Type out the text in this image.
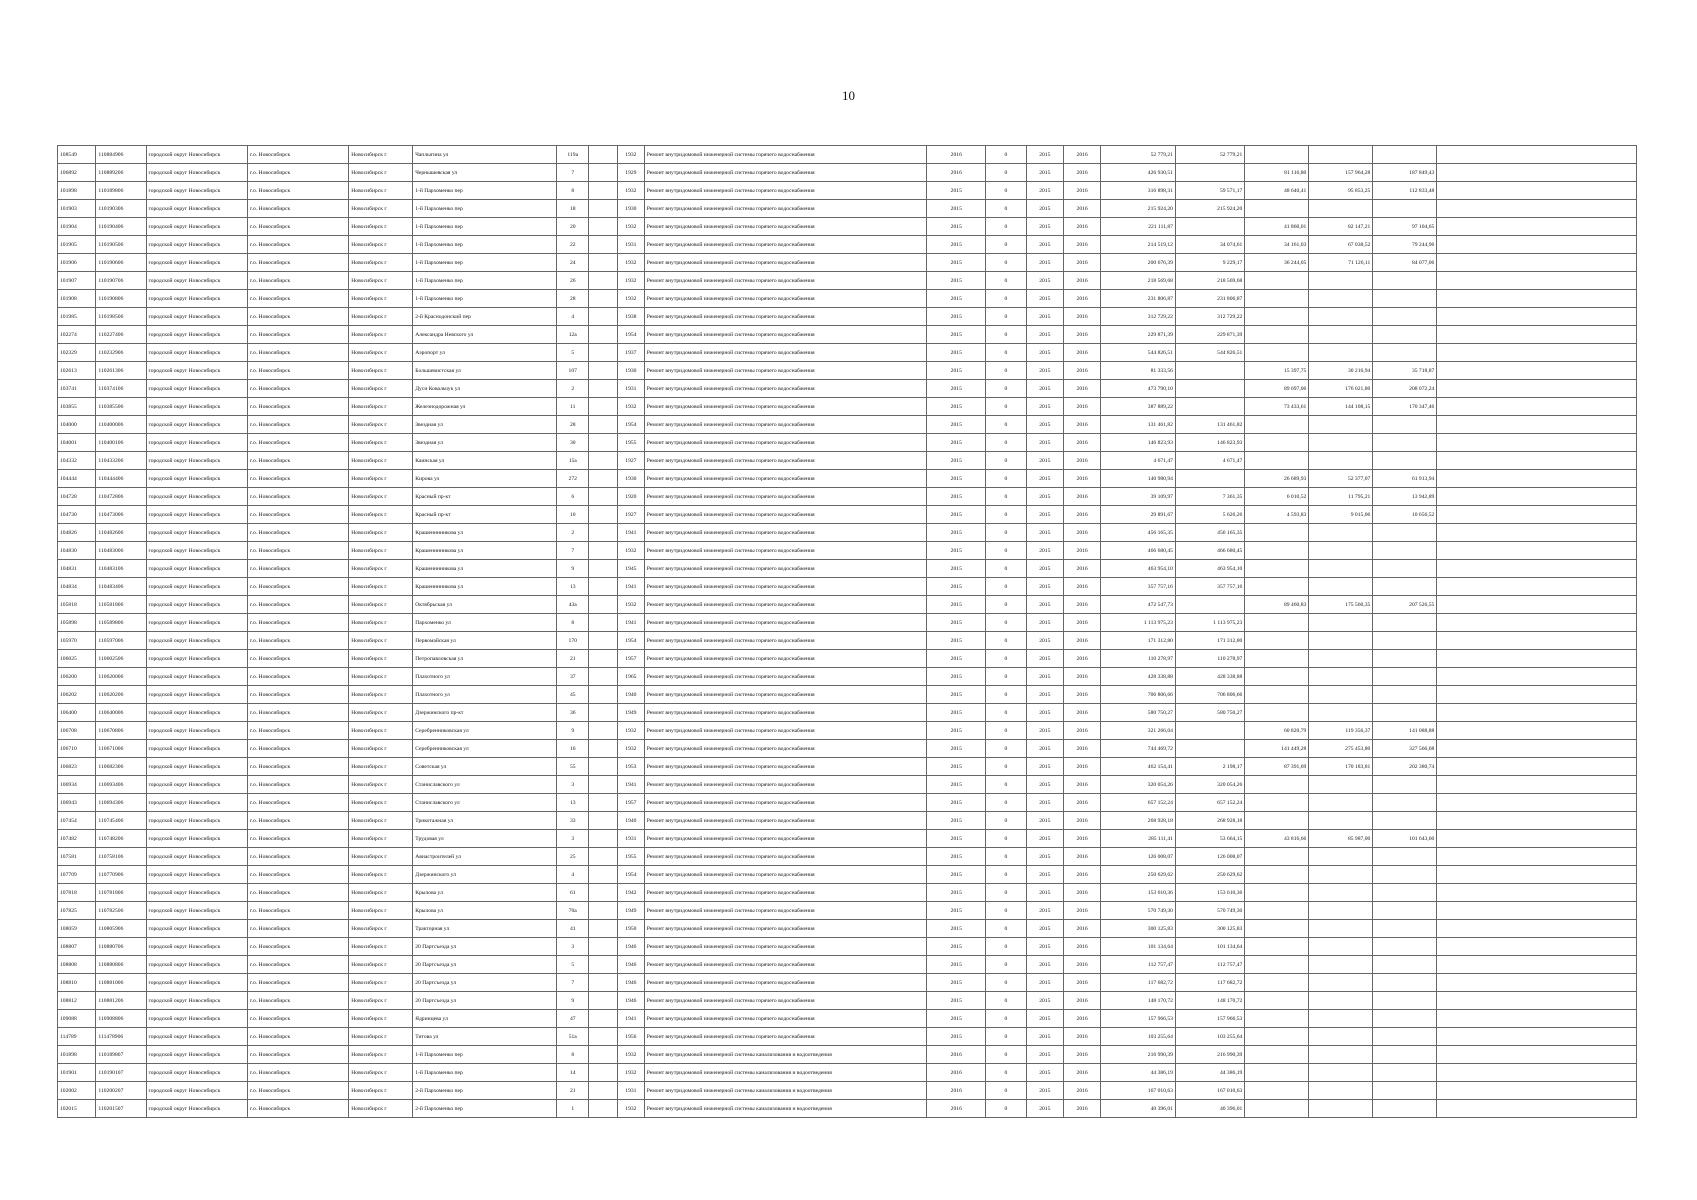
10
108549	110884906	городской округ Новосибирск	г.о. Новосибирск	Новосибирск г	Чаплыгина ул	119а		1932	Ремонт внутридомовой инженерной системы горячего водоснабжения	2016	0	2015	2016	52 779,21	52 779,21				
106892	110889206	городской округ Новосибирск	г.о. Новосибирск	Новосибирск г	Чернышевская ул	7		1929	Ремонт внутридомовой инженерной системы горячего водоснабжения	2016	0	2015	2016	426 930,51		81 116,80	157 964,28	187 849,43	
101898	110189806	городской округ Новосибирск	г.о. Новосибирск	Новосибирск г	1-й Пархоменко пер	8		1932	Ремонт внутридомовой инженерной системы горячего водоснабжения	2015	0	2015	2016	316 898,31	59 571,17	48 640,41	95 853,25	112 833,48	
101903	110190306	городской округ Новосибирск	г.о. Новосибирск	Новосибирск г	1-й Пархоменко пер	18		1930	Ремонт внутридомовой инженерной системы горячего водоснабжения	2015	0	2015	2016	215 924,20	215 924,20				
101904	110190406	городской округ Новосибирск	г.о. Новосибирск	Новосибирск г	1-й Пархоменко пер	20		1932	Ремонт внутридомовой инженерной системы горячего водоснабжения	2015	0	2015	2016	221 111,87		41 860,01	82 147,21	97 104,65	
101905	110190506	городской округ Новосибирск	г.о. Новосибирск	Новосибирск г	1-й Пархоменко пер	22		1931	Ремонт внутридомовой инженерной системы горячего водоснабжения	2015	0	2015	2016	214 519,12	34 074,61	34 161,03	67 038,52	79 244,96	
101906	110190606	городской округ Новосибирск	г.о. Новосибирск	Новосибирск г	1-й Пархоменко пер	24		1932	Ремонт внутридомовой инженерной системы горячего водоснабжения	2015	0	2015	2016	200 676,39	9 229,17	36 244,05	71 126,11	84 077,06	
101907	110190706	городской округ Новосибирск	г.о. Новосибирск	Новосибирск г	1-й Пархоменко пер	26		1932	Ремонт внутридомовой инженерной системы горячего водоснабжения	2015	0	2015	2016	218 569,68	218 569,68				
101908	110190806	городской округ Новосибирск	г.о. Новосибирск	Новосибирск г	1-й Пархоменко пер	28		1932	Ремонт внутридомовой инженерной системы горячего водоснабжения	2015	0	2015	2016	231 806,87	231 806,87				
101985	110198506	городской округ Новосибирск	г.о. Новосибирск	Новосибирск г	2-й Краснодонский пер	4		1938	Ремонт внутридомовой инженерной системы горячего водоснабжения	2015	0	2015	2016	312 729,22	312 729,22				
102274	110227406	городской округ Новосибирск	г.о. Новосибирск	Новосибирск г	Александра Невского ул	12а		1954	Ремонт внутридомовой инженерной системы горячего водоснабжения	2015	0	2015	2016	229 871,39	229 871,39				
102329	110232906	городской округ Новосибирск	г.о. Новосибирск	Новосибирск г	Аэропорт ул	5		1937	Ремонт внутридомовой инженерной системы горячего водоснабжения	2015	0	2015	2016	544 826,51	544 826,51				
102613	110261306	городской округ Новосибирск	г.о. Новосибирск	Новосибирск г	Большевистская ул	107		1930	Ремонт внутридомовой инженерной системы горячего водоснабжения	2015	0	2015	2016	81 333,56		15 397,75	30 216,94	35 718,87	
103741	110374106	городской округ Новосибирск	г.о. Новосибирск	Новосибирск г	Дуси Ковальчук ул	2		1931	Ремонт внутридомовой инженерной системы горячего водоснабжения	2015	0	2015	2016	473 790,10		89 697,06	176 021,80	208 072,24	
103855	110385506	городской округ Новосибирск	г.о. Новосибирск	Новосибирск г	Железнодорожная ул	11		1932	Ремонт внутридомовой инженерной системы горячего водоснабжения	2015	0	2015	2016	387 889,22		73 433,61	144 108,15	170 347,46	
104000	110400006	городской округ Новосибирск	г.о. Новосибирск	Новосибирск г	Звездная ул	28		1954	Ремонт внутридомовой инженерной системы горячего водоснабжения	2015	0	2015	2016	131 461,82	131 461,82				
104001	110400106	городской округ Новосибирск	г.о. Новосибирск	Новосибирск г	Звездная ул	30		1955	Ремонт внутридомовой инженерной системы горячего водоснабжения	2015	0	2015	2016	146 823,93	146 823,93				
104332	110433206	городской округ Новосибирск	г.о. Новосибирск	Новосибирск г	Каинская ул	15а		1927	Ремонт внутридомовой инженерной системы горячего водоснабжения	2015	0	2015	2016	4 671,47	4 671,47				
104444	110444406	городской округ Новосибирск	г.о. Новосибирск	Новосибирск г	Кирова ул	272		1930	Ремонт внутридомовой инженерной системы горячего водоснабжения	2015	0	2015	2016	140 980,94		26 689,93	52 377,07	61 913,94	
104728	110472806	городской округ Новосибирск	г.о. Новосибирск	Новосибирск г	Красный пр-кт	6		1920	Ремонт внутридомовой инженерной системы горячего водоснабжения	2015	0	2015	2016	39 109,97	7 361,35	6 010,52	11 795,21	13 942,89	
104730	110473006	городской округ Новосибирск	г.о. Новосибирск	Новосибирск г	Красный пр-кт	10		1927	Ремонт внутридомовой инженерной системы горячего водоснабжения	2015	0	2015	2016	29 891,67	5 626,26	4 593,83	9 015,06	10 656,52	
104826	110482606	городской округ Новосибирск	г.о. Новосибирск	Новосибирск г	Крашенинникова ул	2		1941	Ремонт внутридомовой инженерной системы горячего водоснабжения	2015	0	2015	2016	456 165,35	456 165,35				
104830	110483006	городской округ Новосибирск	г.о. Новосибирск	Новосибирск г	Крашенинникова ул	7		1932	Ремонт внутридомовой инженерной системы горячего водоснабжения	2015	0	2015	2016	466 680,45	466 680,45				
104831	110483106	городской округ Новосибирск	г.о. Новосибирск	Новосибирск г	Крашенинникова ул	9		1945	Ремонт внутридомовой инженерной системы горячего водоснабжения	2015	0	2015	2016	463 954,10	463 954,10				
104834	110483406	городской округ Новосибирск	г.о. Новосибирск	Новосибирск г	Крашенинникова ул	13		1941	Ремонт внутридомовой инженерной системы горячего водоснабжения	2015	0	2015	2016	357 757,16	357 757,16				
105818	110581806	городской округ Новосибирск	г.о. Новосибирск	Новосибирск г	Октябрьская ул	43а		1932	Ремонт внутридомовой инженерной системы горячего водоснабжения	2015	0	2015	2016	472 547,73		89 460,83	175 560,35	207 526,55	
105898	110589806	городской округ Новосибирск	г.о. Новосибирск	Новосибирск г	Пархоменко ул	8		1941	Ремонт внутридомовой инженерной системы горячего водоснабжения	2015	0	2015	2016	1 113 975,23	1 113 975,23				
105970	110597006	городской округ Новосибирск	г.о. Новосибирск	Новосибирск г	Первомайская ул	170		1954	Ремонт внутридомовой инженерной системы горячего водоснабжения	2015	0	2015	2016	171 312,80	171 312,80				
106025	110602506	городской округ Новосибирск	г.о. Новосибирск	Новосибирск г	Петропавловская ул	21		1957	Ремонт внутридомовой инженерной системы горячего водоснабжения	2015	0	2015	2016	110 278,97	110 278,97				
106200	110620006	городской округ Новосибирск	г.о. Новосибирск	Новосибирск г	Плахотного ул	37		1965	Ремонт внутридомовой инженерной системы горячего водоснабжения	2015	0	2015	2016	428 338,88	428 338,88				
106202	110620206	городской округ Новосибирск	г.о. Новосибирск	Новосибирск г	Плахотного ул	45		1940	Ремонт внутридомовой инженерной системы горячего водоснабжения	2015	0	2015	2016	706 806,66	706 806,66				
106400	110640006	городской округ Новосибирск	г.о. Новосибирск	Новосибирск г	Дзержинского пр-кт	36		1949	Ремонт внутридомовой инженерной системы горячего водоснабжения	2015	0	2015	2016	580 750,27	580 750,27				
106708	110670806	городской округ Новосибирск	г.о. Новосибирск	Новосибирск г	Серебренниковская ул	9		1932	Ремонт внутридомовой инженерной системы горячего водоснабжения	2015	0	2015	2016	321 266,04		60 820,79	119 356,37	141 088,88	
106710	110671006	городской округ Новосибирск	г.о. Новосибирск	Новосибирск г	Серебренниковская ул	16		1932	Ремонт внутридомовой инженерной системы горячего водоснабжения	2015	0	2015	2016	744 469,72		141 449,28	275 453,80	327 566,68	
106823	110682306	городской округ Новосибирск	г.о. Новосибирск	Новосибирск г	Советская ул	55		1953	Ремонт внутридомовой инженерной системы горячего водоснабжения	2015	0	2015	2016	462 154,41	2 198,17	87 391,69	170 183,81	202 380,74	
106934	110693406	городской округ Новосибирск	г.о. Новосибирск	Новосибирск г	Станиславского ул	3		1941	Ремонт внутридомовой инженерной системы горячего водоснабжения	2015	0	2015	2016	320 054,26	320 054,26				
106943	110694306	городской округ Новосибирск	г.о. Новосибирск	Новосибирск г	Станиславского ул	13		1957	Ремонт внутридомовой инженерной системы горячего водоснабжения	2015	0	2015	2016	657 152,24	657 152,24				
107454	110745406	городской округ Новосибирск	г.о. Новосибирск	Новосибирск г	Трикотажная ул	33		1940	Ремонт внутридомовой инженерной системы горячего водоснабжения	2015	0	2015	2016	268 928,18	268 928,18				
107482	110748206	городской округ Новосибирск	г.о. Новосибирск	Новосибирск г	Трудовая ул	3		1931	Ремонт внутридомовой инженерной системы горячего водоснабжения	2015	0	2015	2016	285 111,41	53 664,15	43 816,66	85 987,00	101 643,60	
107581	110758106	городской округ Новосибирск	г.о. Новосибирск	Новосибирск г	Авиастроителей ул	25		1955	Ремонт внутридомовой инженерной системы горячего водоснабжения	2015	0	2015	2016	126 008,07	126 008,07				
107709	110770906	городской округ Новосибирск	г.о. Новосибирск	Новосибирск г	Дзержинского ул	4		1954	Ремонт внутридомовой инженерной системы горячего водоснабжения	2015	0	2015	2016	250 629,62	250 629,62				
107818	110781806	городской округ Новосибирск	г.о. Новосибирск	Новосибирск г	Крылова ул	61		1942	Ремонт внутридомовой инженерной системы горячего водоснабжения	2015	0	2015	2016	153 610,36	153 610,36				
107825	110782506	городской округ Новосибирск	г.о. Новосибирск	Новосибирск г	Крылова ул	70а		1949	Ремонт внутридомовой инженерной системы горячего водоснабжения	2015	0	2015	2016	570 749,30	570 749,30				
108059	110805906	городской округ Новосибирск	г.о. Новосибирск	Новосибирск г	Тракторная ул	41		1950	Ремонт внутридомовой инженерной системы горячего водоснабжения	2015	0	2015	2016	300 125,83	300 125,83				
108807	110880706	городской округ Новосибирск	г.о. Новосибирск	Новосибирск г	20 Партсъезда ул	3		1946	Ремонт внутридомовой инженерной системы горячего водоснабжения	2015	0	2015	2016	101 134,64	101 134,64				
108808	110880806	городской округ Новосибирск	г.о. Новосибирск	Новосибирск г	20 Партсъезда ул	5		1946	Ремонт внутридомовой инженерной системы горячего водоснабжения	2015	0	2015	2016	112 757,47	112 757,47				
108810	110881006	городской округ Новосибирск	г.о. Новосибирск	Новосибирск г	20 Партсъезда ул	7		1946	Ремонт внутридомовой инженерной системы горячего водоснабжения	2015	0	2015	2016	117 682,72	117 682,72				
108812	110881206	городской округ Новосибирск	г.о. Новосибирск	Новосибирск г	20 Партсъезда ул	9		1946	Ремонт внутридомовой инженерной системы горячего водоснабжения	2015	0	2015	2016	148 170,72	148 170,72				
109088	110908806	городской округ Новосибирск	г.о. Новосибирск	Новосибирск г	Ядринцева ул	47		1941	Ремонт внутридомовой инженерной системы горячего водоснабжения	2015	0	2015	2016	157 966,53	157 966,53				
114789	111478906	городской округ Новосибирск	г.о. Новосибирск	Новосибирск г	Титова ул	51а		1956	Ремонт внутридомовой инженерной системы горячего водоснабжения	2015	0	2015	2016	103 255,64	103 255,64				
101898	110189807	городской округ Новосибирск	г.о. Новосибирск	Новосибирск г	1-й Пархоменко пер	8		1932	Ремонт внутридомовой инженерной системы канализования и водоотведения	2016	0	2015	2016	216 990,39	216 990,39				
101901	110190107	городской округ Новосибирск	г.о. Новосибирск	Новосибирск г	1-й Пархоменко пер	14		1932	Ремонт внутридомовой инженерной системы канализования и водоотведения	2016	0	2015	2016	44 386,19	44 386,19				
102002	110200207	городской округ Новосибирск	г.о. Новосибирск	Новосибирск г	2-й Пархоменко пер	21		1931	Ремонт внутридомовой инженерной системы канализования и водоотведения	2016	0	2015	2016	167 010,63	167 010,63				
102015	110201507	городской округ Новосибирск	г.о. Новосибирск	Новосибирск г	2-й Пархоменко пер	1		1932	Ремонт внутридомовой инженерной системы канализования и водоотведения	2016	0	2015	2016	40 396,01	40 396,01				
